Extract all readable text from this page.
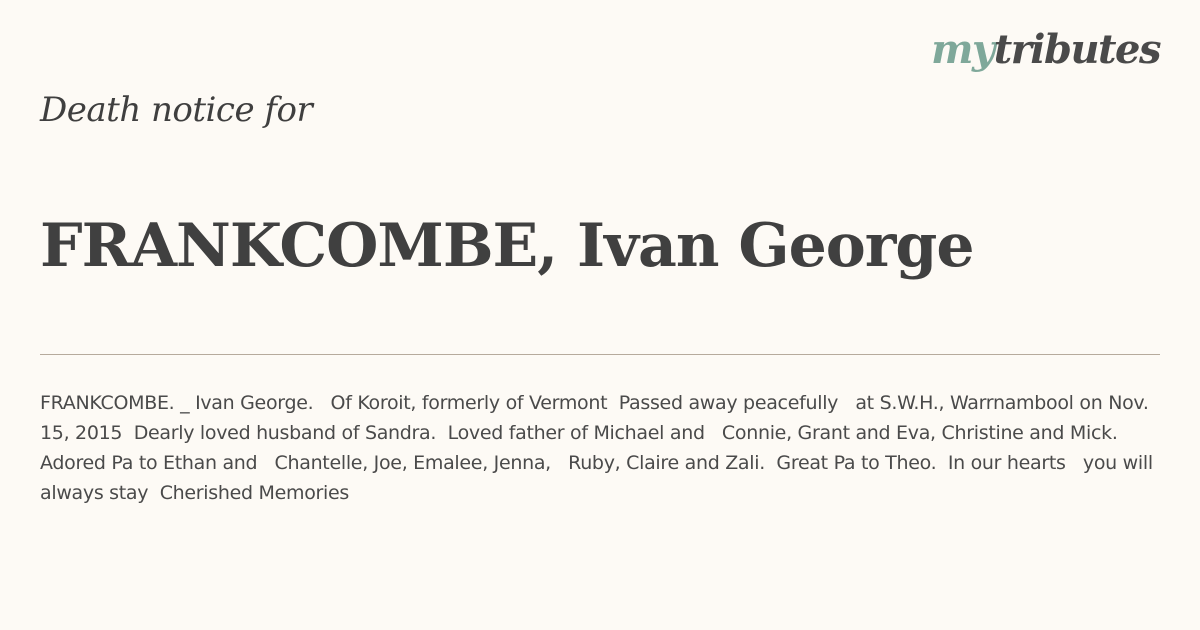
mytributes
Death notice for
FRANKCOMBE, Ivan George

FRANKCOMBE. _ Ivan George.   Of Koroit, formerly of Vermont  Passed away peacefully   at S.W.H., Warrnambool on Nov.  15, 2015  Dearly loved husband of Sandra.  Loved father of Michael and   Connie, Grant and Eva, Christine and Mick.  Adored Pa to Ethan and   Chantelle, Joe, Emalee, Jenna,   Ruby, Claire and Zali.  Great Pa to Theo.  In our hearts   you will always stay  Cherished Memories
